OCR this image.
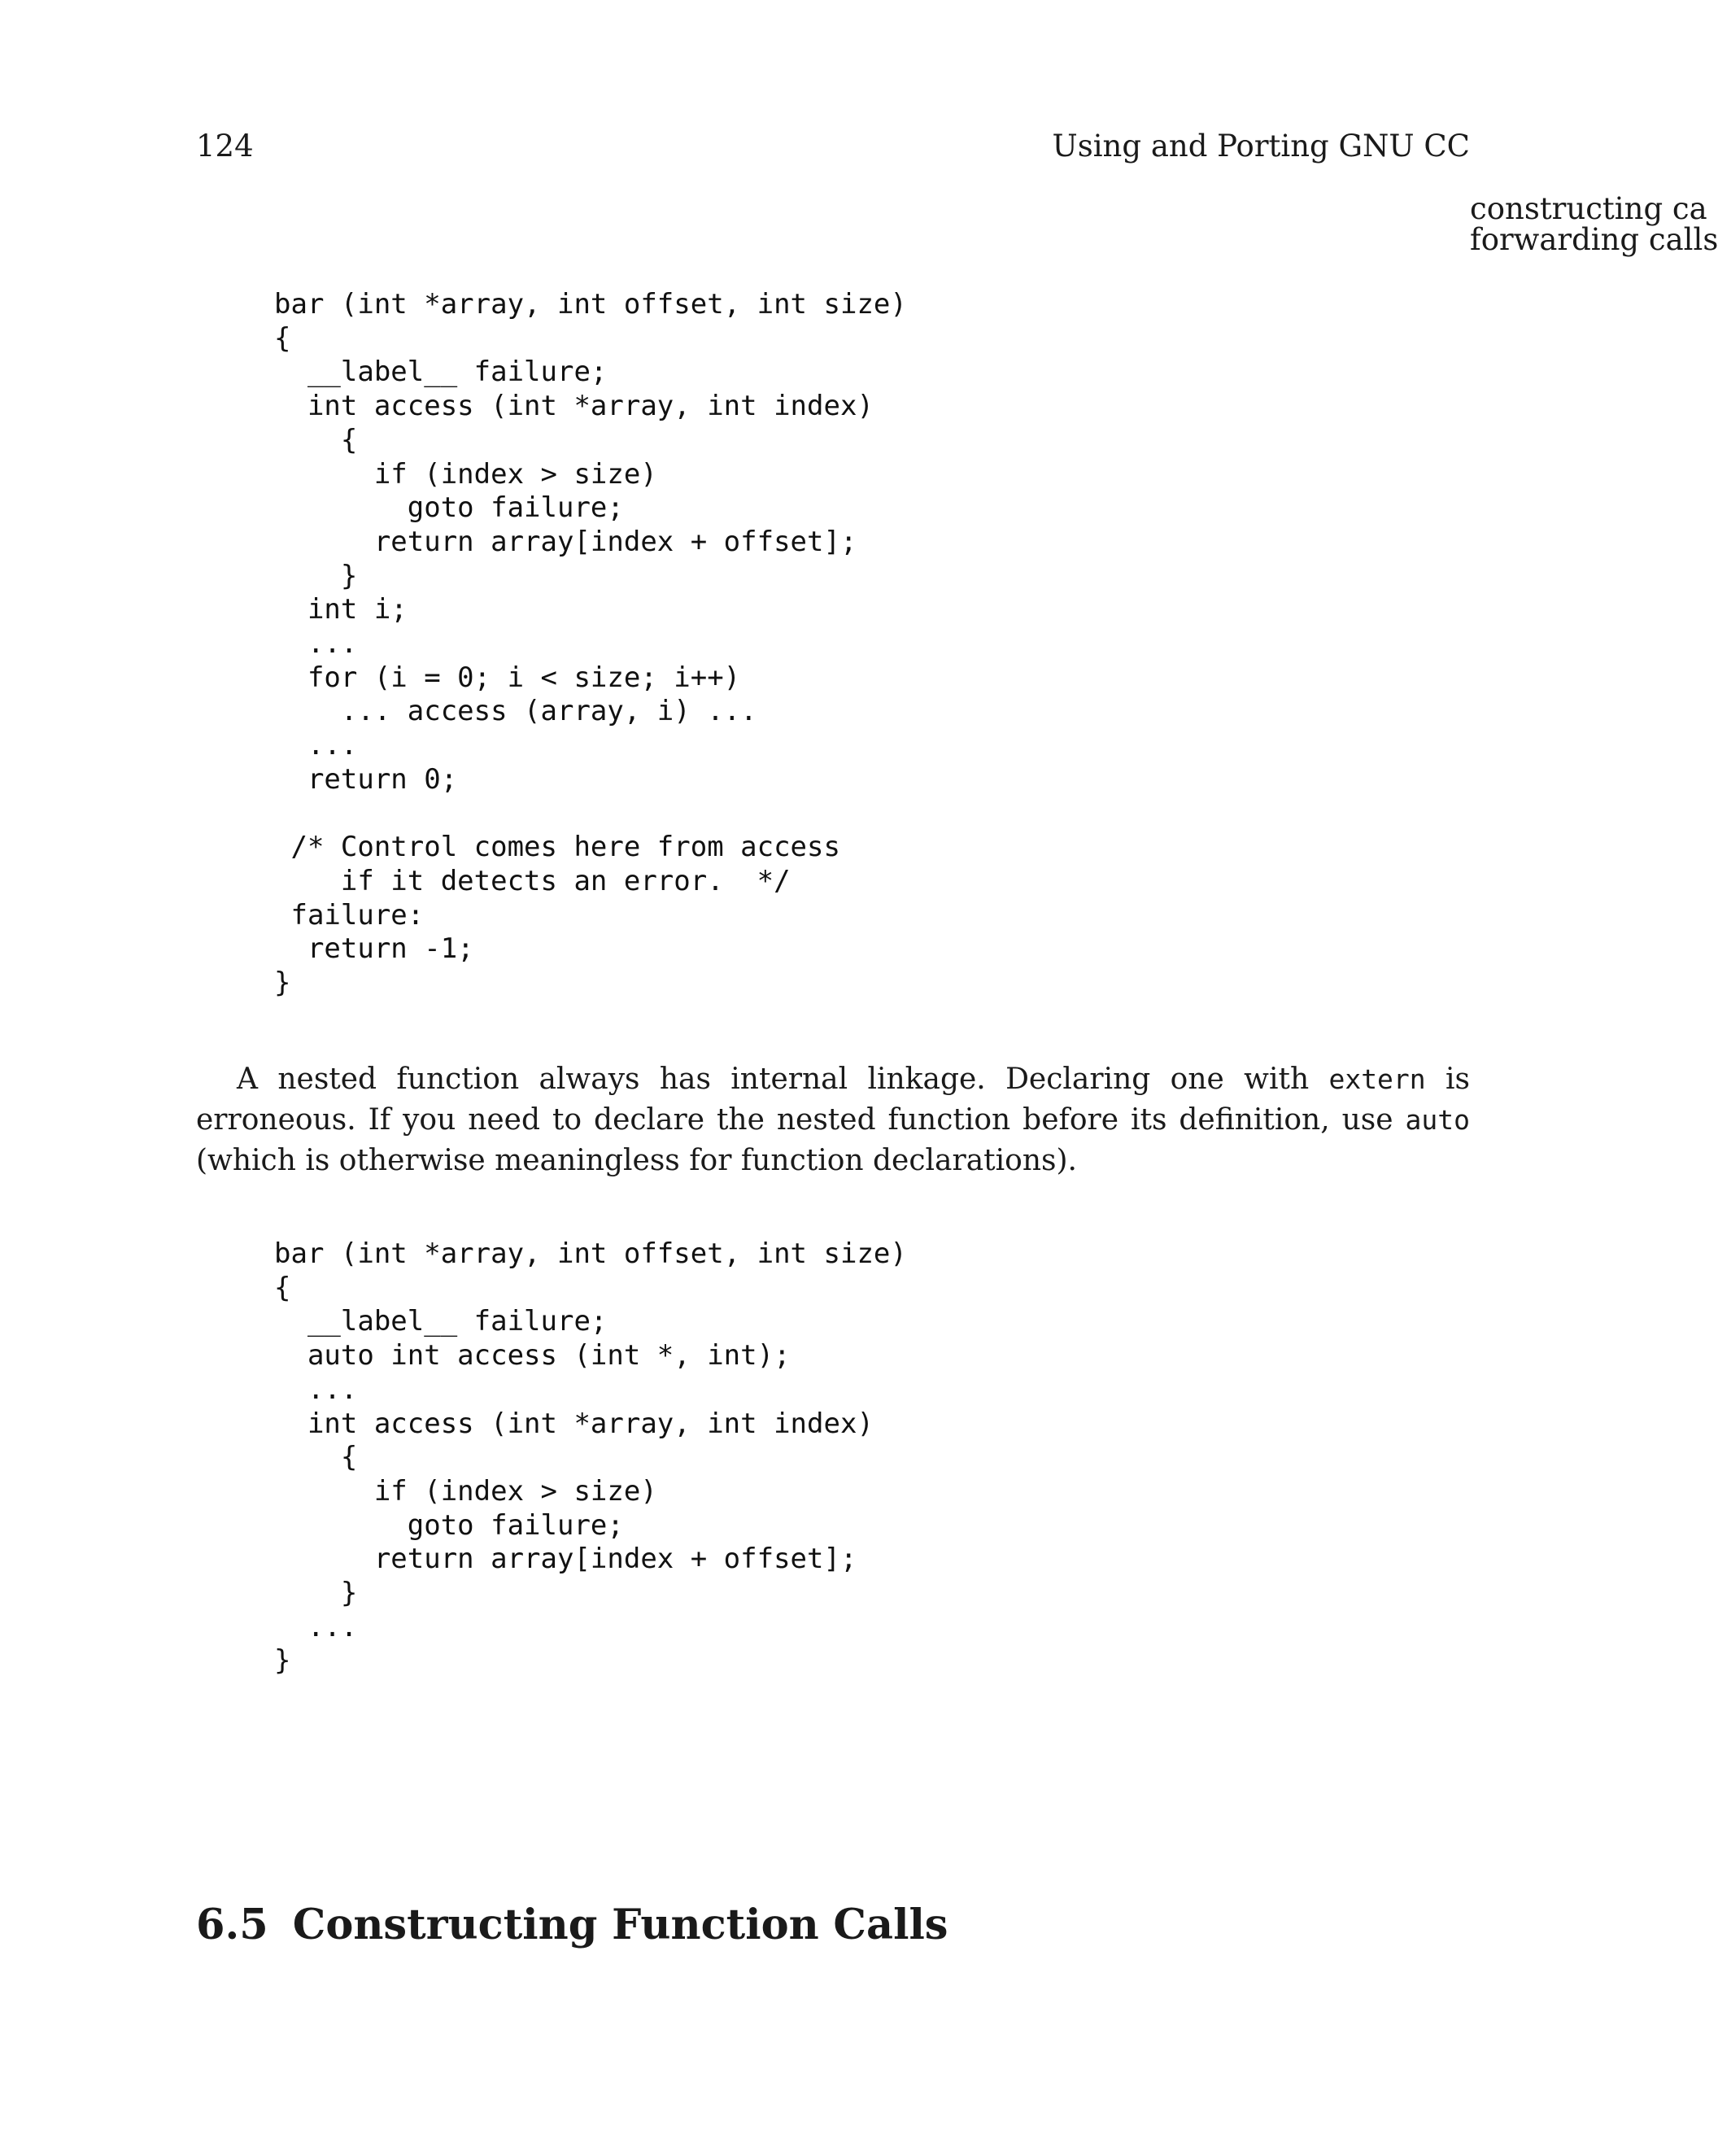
124	Using and Porting GNU CC
constructing ca
forwarding calls
bar (int *array, int offset, int size)
{
__label__ failure;
int access (int *array, int index)
{
if (index > size)
goto failure;
return array[index + offset];
}
int i;
...
for (i = 0; i < size; i++)
... access (array, i) ...
...
return 0;

/* Control comes here from access
if it detects an error.  */
failure:
return -1;
}

A nested function always has internal linkage. Declaring one with extern is erroneous. If you need to declare the nested function before its definition, use auto (which is otherwise meaningless for function declarations).

bar (int *array, int offset, int size)
{
__label__ failure;
auto int access (int *, int);
...
int access (int *array, int index)
{
if (index > size)
goto failure;
return array[index + offset];
}
...
}
6.5 Constructing Function Calls
